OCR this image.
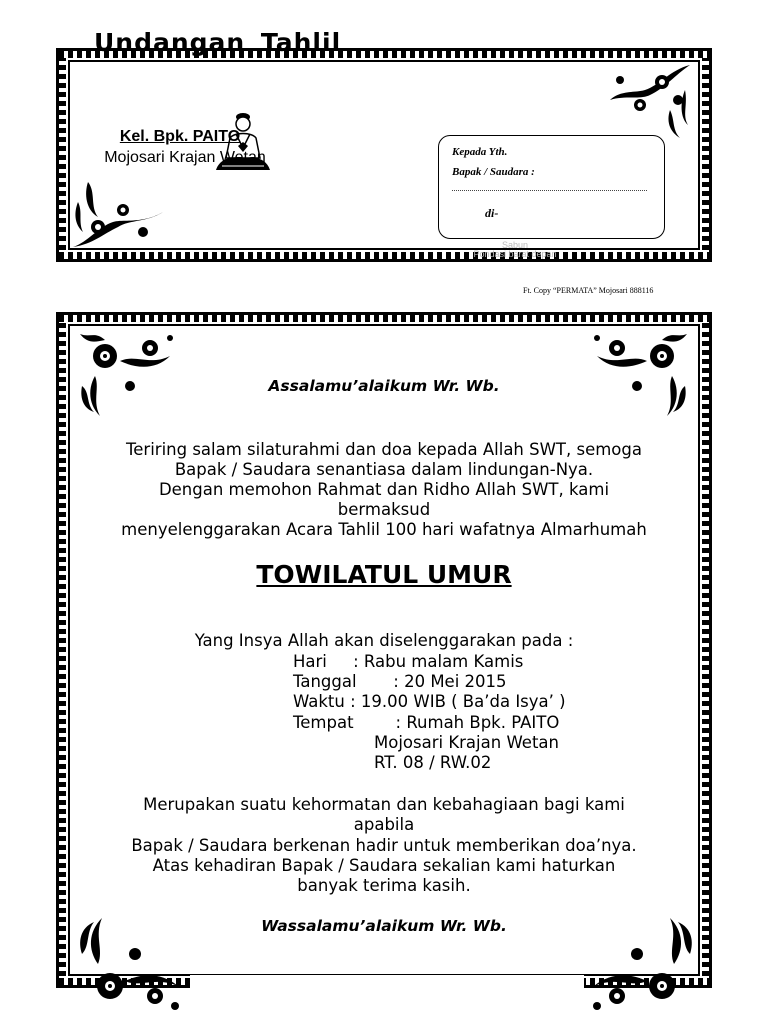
Undangan Tahlil
Kel. Bpk. PAITO
Mojosari Krajan Wetan	Kepada Yth.
Bapak / Saudara :
di-
Sabun
Pondasi barat depan
Ft. Copy “PERMATA” Mojosari 888116
Assalamu’alaikum Wr. Wb.
Teriring salam silaturahmi dan doa kepada Allah SWT, semoga
Bapak / Saudara senantiasa dalam lindungan-Nya.
Dengan memohon Rahmat dan Ridho Allah SWT, kami
bermaksud
menyelenggarakan Acara Tahlil 100 hari wafatnya Almarhumah
TOWILATUL UMUR
Yang Insya Allah akan diselenggarakan pada :
Hari     : Rabu malam Kamis
Tanggal       : 20 Mei 2015
Waktu : 19.00 WIB ( Ba’da Isya’ )
Tempat        : Rumah Bpk. PAITO
Mojosari Krajan Wetan
RT. 08 / RW.02
Merupakan suatu kehormatan dan kebahagiaan bagi kami
apabila
Bapak / Saudara berkenan hadir untuk memberikan doa’nya.
Atas kehadiran Bapak / Saudara sekalian kami haturkan
banyak terima kasih.
Wassalamu’alaikum Wr. Wb.
